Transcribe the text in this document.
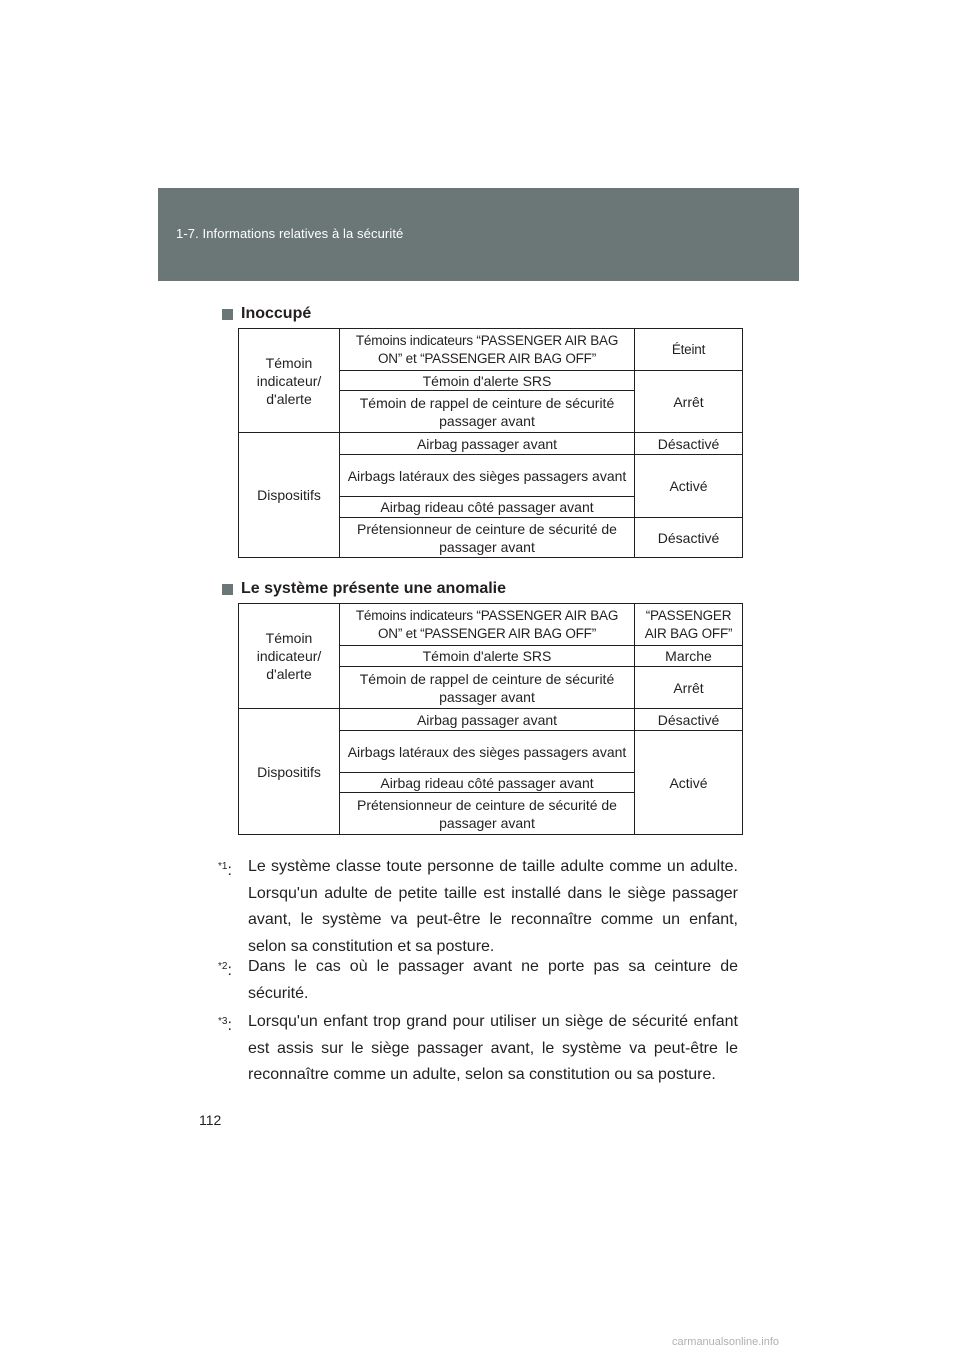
1-7. Informations relatives à la sécurité
Inoccupé
Témoin indicateur/ d'alerte	Témoins indicateurs “PASSENGER AIR BAG ON” et “PASSENGER AIR BAG OFF”	Éteint
	Témoin d'alerte SRS	Arrêt
	Témoin de rappel de ceinture de sécurité passager avant	
Dispositifs	Airbag passager avant	Désactivé
	Airbags latéraux des sièges passagers avant	Activé
	Airbag rideau côté passager avant	
	Prétensionneur de ceinture de sécurité de passager avant	Désactivé
Le système présente une anomalie
Témoin indicateur/ d'alerte	Témoins indicateurs “PASSENGER AIR BAG ON” et “PASSENGER AIR BAG OFF”	“PASSENGER AIR BAG OFF”
	Témoin d'alerte SRS	Marche
	Témoin de rappel de ceinture de sécurité passager avant	Arrêt
Dispositifs	Airbag passager avant	Désactivé
	Airbags latéraux des sièges passagers avant	Activé
	Airbag rideau côté passager avant	
	Prétensionneur de ceinture de sécurité de passager avant	
$^{*1}$:	Le système classe toute personne de taille adulte comme un adulte. Lorsqu'un adulte de petite taille est installé dans le siège passager avant, le système va peut-être le reconnaître comme un enfant, selon sa constitution et sa posture.
$^{*2}$:	Dans le cas où le passager avant ne porte pas sa ceinture de sécurité.
$^{*3}$:	Lorsqu'un enfant trop grand pour utiliser un siège de sécurité enfant est assis sur le siège passager avant, le système va peut-être le reconnaître comme un adulte, selon sa constitution ou sa posture.
112
carmanualsonline.info
